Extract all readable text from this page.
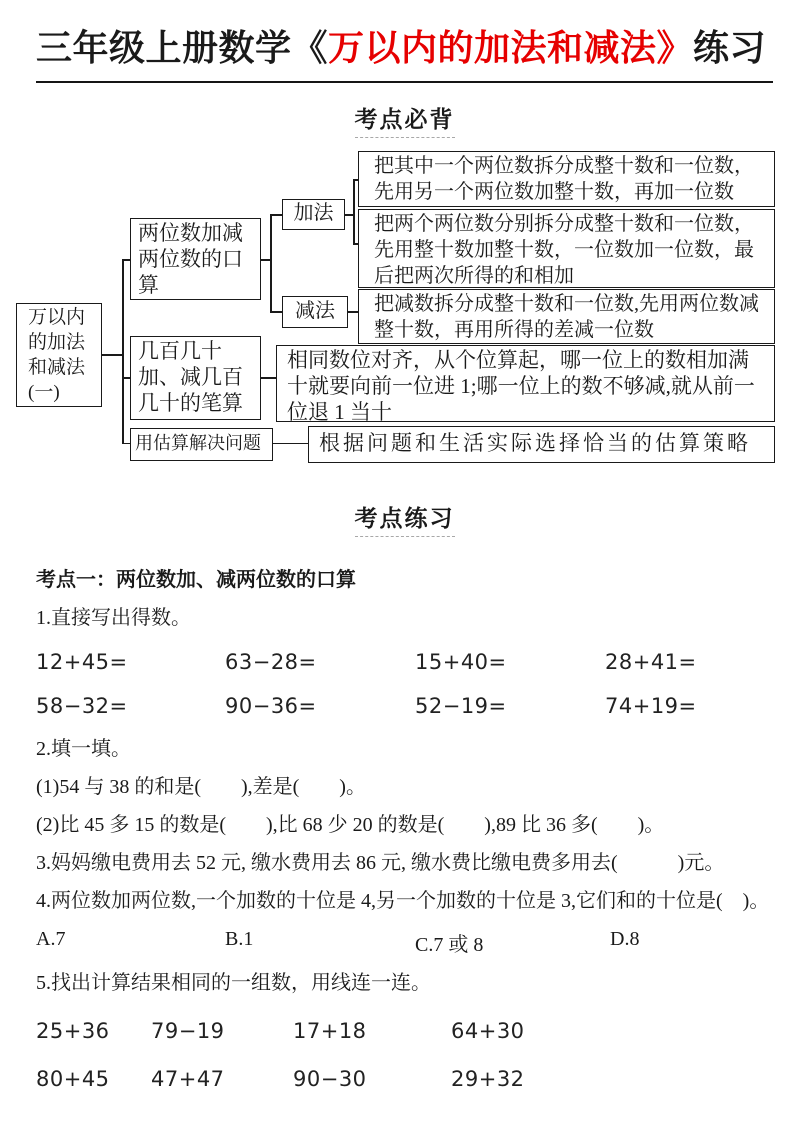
三年级上册数学《万以内的加法和减法》练习
考点必背
万以内的加法和减法(一)
两位数加减两位数的口算
几百几十加、减几百几十的笔算
用估算解决问题
加法
减法
把其中一个两位数拆分成整十数和一位数，先用另一个两位数加整十数，再加一位数
把两个两位数分别拆分成整十数和一位数，先用整十数加整十数，一位数加一位数，最后把两次所得的和相加
把减数拆分成整十数和一位数,先用两位数减整十数，再用所得的差减一位数
相同数位对齐，从个位算起，哪一位上的数相加满十就要向前一位进 1;哪一位上的数不够减,就从前一位退 1 当十
根据问题和生活实际选择恰当的估算策略
考点练习

考点一：两位数加、减两位数的口算

1.直接写出得数。

12+45=	63−28=	15+40=	28+41=
58−32=	90−36=	52−19=	74+19=

2.填一填。

(1)54 与 38 的和是(　　),差是(　　)。

(2)比 45 多 15 的数是(　　),比 68 少 20 的数是(　　),89 比 36 多(　　)。

3.妈妈缴电费用去 52 元, 缴水费用去 86 元, 缴水费比缴电费多用去(　　　)元。

4.两位数加两位数,一个加数的十位是 4,另一个加数的十位是 3,它们和的十位是(　)。

A.7	B.1	C.7 或 8	D.8

5.找出计算结果相同的一组数，用线连一连。

25+36	79−19	17+18	64+30
80+45	47+47	90−30	29+32
